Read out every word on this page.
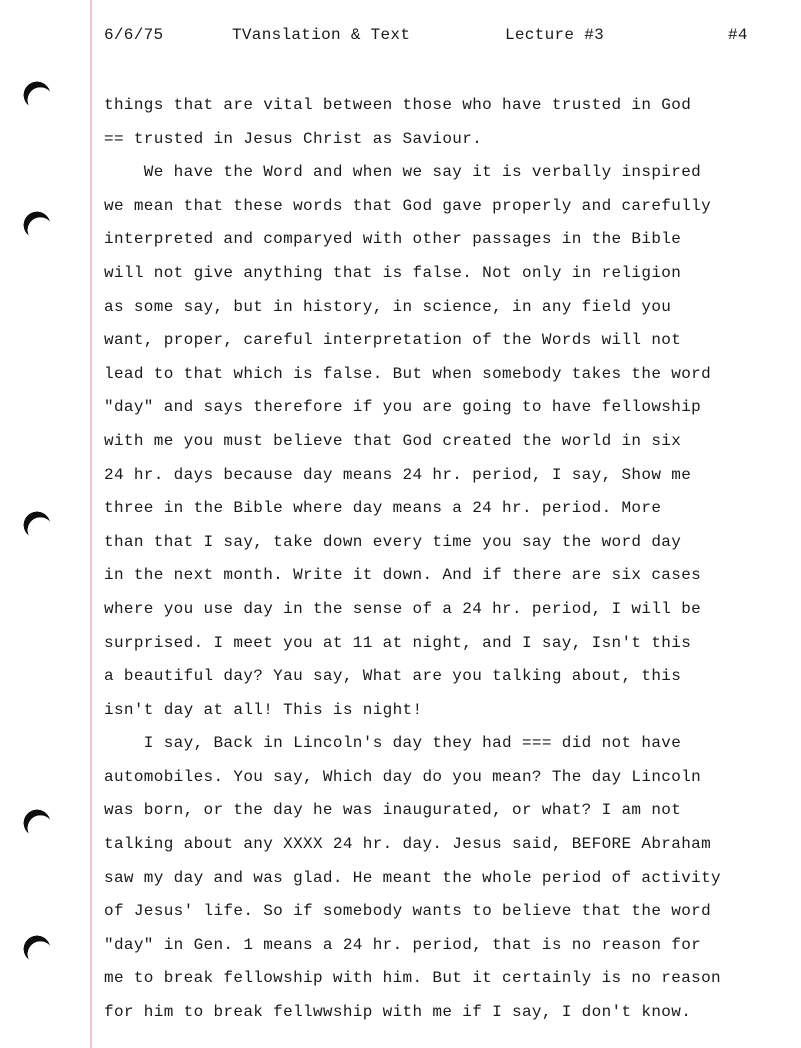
6/6/75	TVanslation & Text	Lecture #3	#4
things that are vital between those who have trusted in God
== trusted in Jesus Christ as Saviour.
We have the Word and when we say it is verbally inspired
we mean that these words that God gave properly and carefully
interpreted and comparyed with other passages in the Bible
will not give anything that is false. Not only in religion
as some say, but in history, in science, in any field you
want, proper, careful interpretation of the Words will not
lead to that which is false. But when somebody takes the word
"day" and says therefore if you are going to have fellowship
with me you must believe that God created the world in six
24 hr. days because day means 24 hr. period, I say, Show me
three in the Bible where day means a 24 hr. period. More
than that I say, take down every time you say the word day
in the next month. Write it down. And if there are six cases
where you use day in the sense of a 24 hr. period, I will be
surprised. I meet you at 11 at night, and I say, Isn't this
a beautiful day? Yau say, What are you talking about, this
isn't day at all! This is night!
I say, Back in Lincoln's day they had === did not have
automobiles. You say, Which day do you mean? The day Lincoln
was born, or the day he was inaugurated, or what? I am not
talking about any XXXX 24 hr. day. Jesus said, BEFORE Abraham
saw my day and was glad. He meant the whole period of activity
of Jesus' life. So if somebody wants to believe that the word
"day" in Gen. 1 means a 24 hr. period, that is no reason for
me to break fellowship with him. But it certainly is no reason
for him to break fellwwship with me if I say, I don't know.
